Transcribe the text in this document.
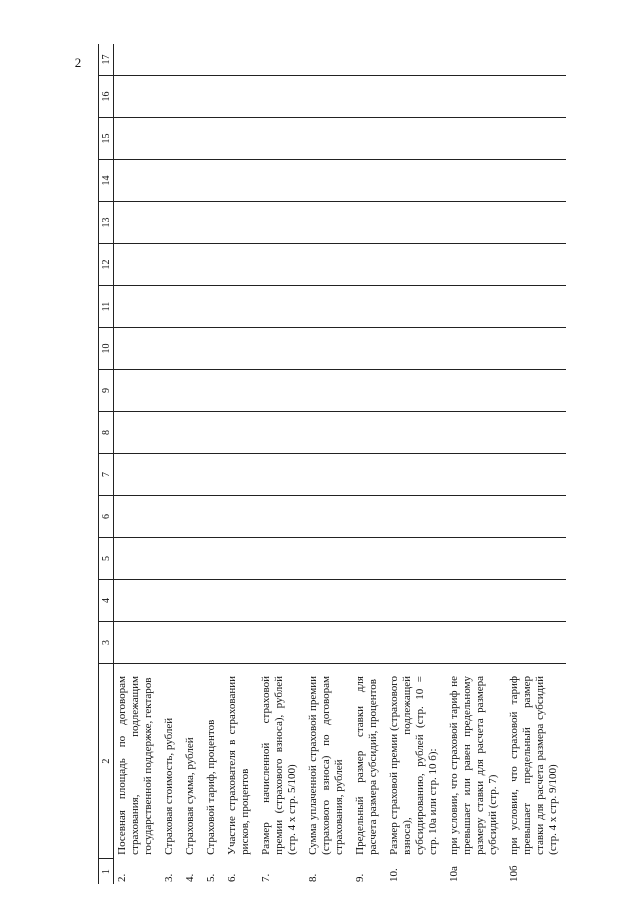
2
1	2	3	4	5	6	7	8	9	10	11	12	13	14	15	16	17
2.	Посевная площадь по договорам страхования, подлежащим государственной поддержке, гектаров															
3.	Страховая стоимость, рублей															
4.	Страховая сумма, рублей															
5.	Страховой тариф, процентов															
6.	Участие страхователя в страховании рисков, процентов															
7.	Размер начисленной страховой премии (страхового взноса), рублей (стр. 4 х стр. 5/100)															
8.	Сумма уплаченной страховой премии (страхового взноса) по договорам страхования, рублей															
9.	Предельный размер ставки для расчета размера субсидий, процентов															
10.	Размер страховой премии (страхового взноса), подлежащей субсидированию, рублей (стр. 10 = стр. 10а или стр. 10 б):															
10а	при условии, что страховой тариф не превышает или равен предельному размеру ставки для расчета размера субсидий (стр. 7)															
10б	при условии, что страховой тариф превышает предельный размер ставки для расчета размера субсидий (стр. 4 х стр. 9/100)															
